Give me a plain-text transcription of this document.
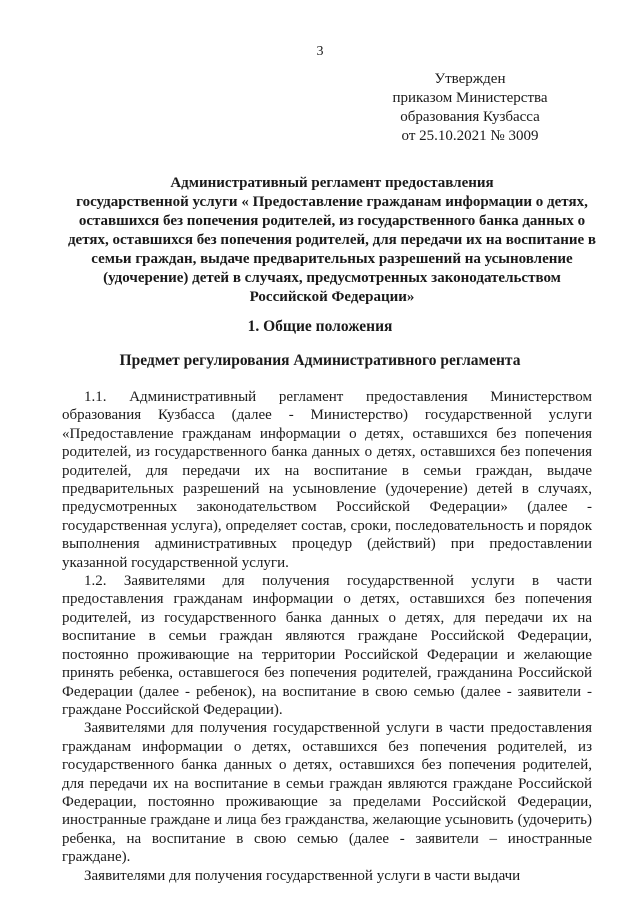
3
Утвержден
приказом Министерства
образования Кузбасса
от 25.10.2021 № 3009
Административный регламент предоставления
государственной услуги « Предоставление гражданам информации о детях,
оставшихся без попечения родителей, из государственного банка данных о
детях, оставшихся без попечения родителей, для передачи их на воспитание в
семьи граждан, выдаче предварительных разрешений на усыновление
(удочерение) детей в случаях, предусмотренных законодательством
Российской Федерации»
1. Общие положения
Предмет регулирования Административного регламента
1.1. Административный регламент предоставления Министерством
образования Кузбасса (далее - Министерство) государственной услуги
«Предоставление гражданам информации о детях, оставшихся без попечения
родителей, из государственного банка данных о детях, оставшихся без попечения
родителей, для передачи их на воспитание в семьи граждан, выдаче
предварительных разрешений на усыновление (удочерение) детей в случаях,
предусмотренных законодательством Российской Федерации» (далее -
государственная услуга), определяет состав, сроки, последовательность и порядок
выполнения административных процедур (действий) при предоставлении
указанной государственной услуги.
1.2. Заявителями для получения государственной услуги в части
предоставления гражданам информации о детях, оставшихся без попечения
родителей, из государственного банка данных о детях, для передачи их на
воспитание в семьи граждан являются граждане Российской Федерации,
постоянно проживающие на территории Российской Федерации и желающие
принять ребенка, оставшегося без попечения родителей, гражданина Российской
Федерации (далее - ребенок), на воспитание в свою семью (далее - заявители -
граждане Российской Федерации).
Заявителями для получения государственной услуги в части предоставления
гражданам информации о детях, оставшихся без попечения родителей, из
государственного банка данных о детях, оставшихся без попечения родителей,
для передачи их на воспитание в семьи граждан являются граждане Российской
Федерации, постоянно проживающие за пределами Российской Федерации,
иностранные граждане и лица без гражданства, желающие усыновить (удочерить)
ребенка, на воспитание в свою семью (далее - заявители – иностранные
граждане).
Заявителями для получения государственной услуги в части выдачи
